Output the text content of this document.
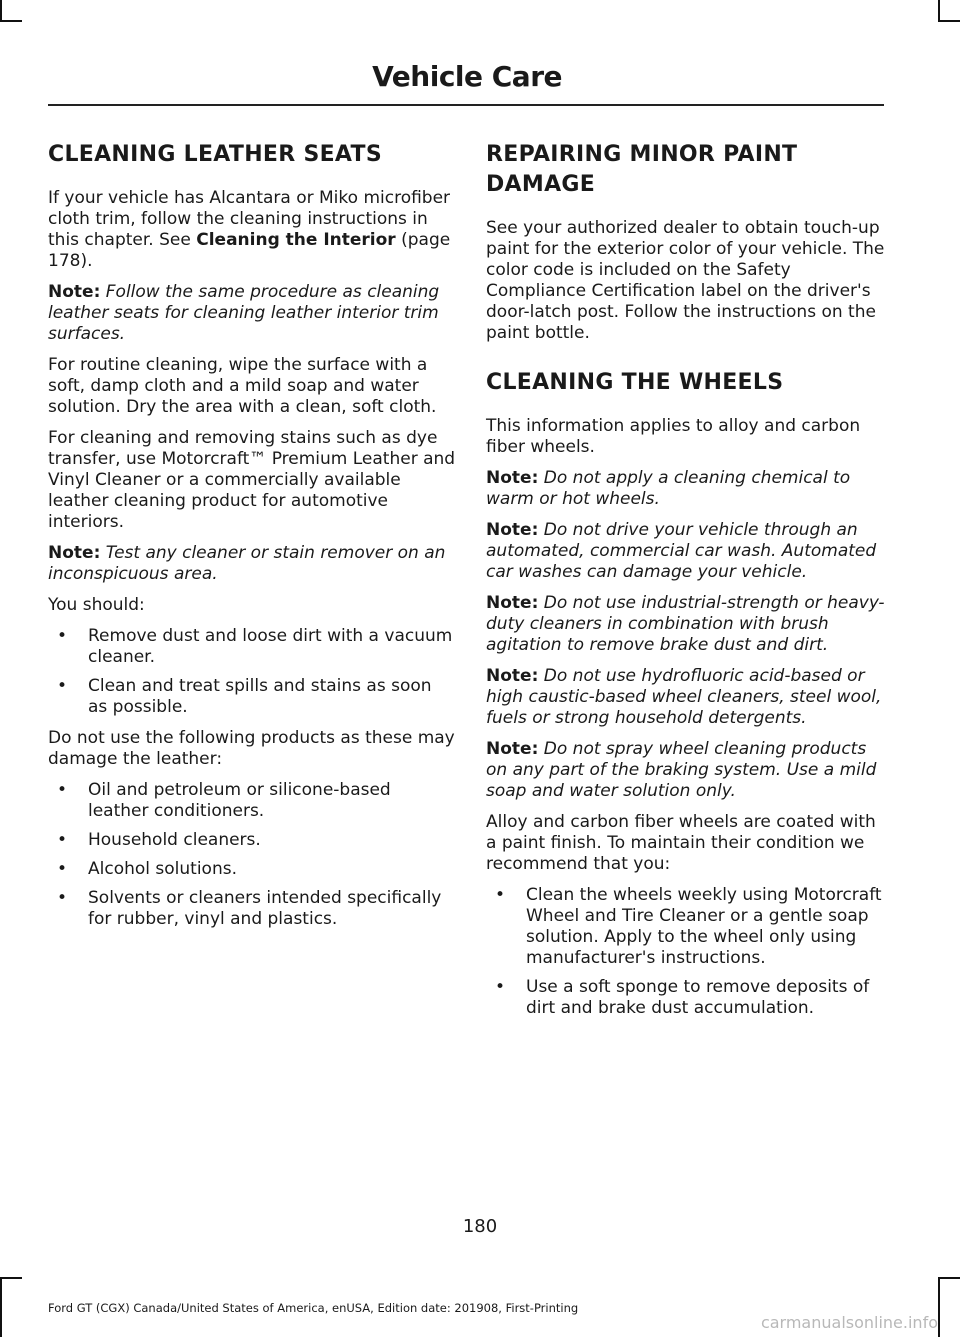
Vehicle Care
CLEANING LEATHER SEATS

If your vehicle has Alcantara or Miko microfiber cloth trim, follow the cleaning instructions in this chapter. See Cleaning the Interior (page 178).

Note: Follow the same procedure as cleaning leather seats for cleaning leather interior trim surfaces.

For routine cleaning, wipe the surface with a soft, damp cloth and a mild soap and water solution. Dry the area with a clean, soft cloth.

For cleaning and removing stains such as dye transfer, use Motorcraft™ Premium Leather and Vinyl Cleaner or a commercially available leather cleaning product for automotive interiors.

Note: Test any cleaner or stain remover on an inconspicuous area.

You should:

• Remove dust and loose dirt with a vacuum cleaner.
• Clean and treat spills and stains as soon as possible.

Do not use the following products as these may damage the leather:

• Oil and petroleum or silicone-based leather conditioners.
• Household cleaners.
• Alcohol solutions.
• Solvents or cleaners intended specifically for rubber, vinyl and plastics.
REPAIRING MINOR PAINT DAMAGE

See your authorized dealer to obtain touch-up paint for the exterior color of your vehicle. The color code is included on the Safety Compliance Certification label on the driver's door-latch post. Follow the instructions on the paint bottle.

CLEANING THE WHEELS

This information applies to alloy and carbon fiber wheels.

Note: Do not apply a cleaning chemical to warm or hot wheels.

Note: Do not drive your vehicle through an automated, commercial car wash. Automated car washes can damage your vehicle.

Note: Do not use industrial-strength or heavy-duty cleaners in combination with brush agitation to remove brake dust and dirt.

Note: Do not use hydrofluoric acid-based or high caustic-based wheel cleaners, steel wool, fuels or strong household detergents.

Note: Do not spray wheel cleaning products on any part of the braking system. Use a mild soap and water solution only.

Alloy and carbon fiber wheels are coated with a paint finish. To maintain their condition we recommend that you:

• Clean the wheels weekly using Motorcraft Wheel and Tire Cleaner or a gentle soap solution. Apply to the wheel only using manufacturer's instructions.
• Use a soft sponge to remove deposits of dirt and brake dust accumulation.
180
Ford GT (CGX) Canada/United States of America, enUSA, Edition date: 201908, First-Printing
carmanualsonline.info
